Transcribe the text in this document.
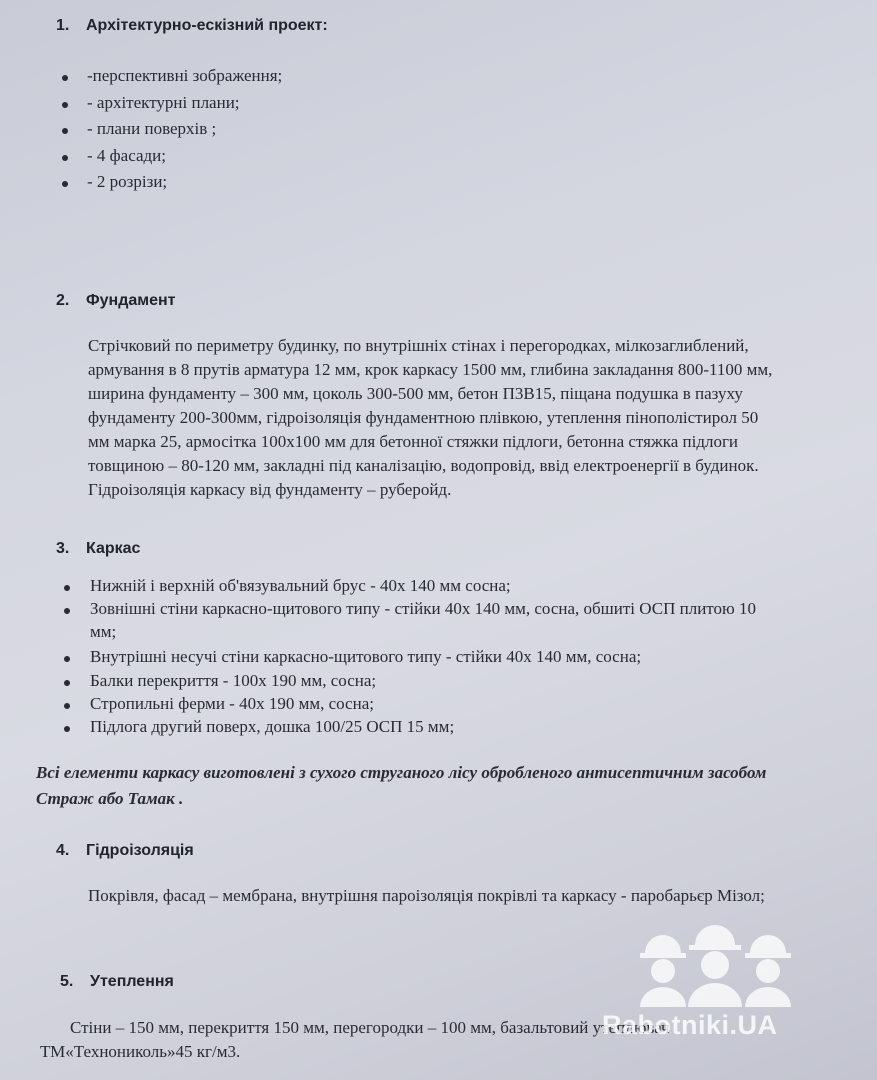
1. Архітектурно-ескізний проект:
-перспективні зображення;
- архітектурні плани;
- плани поверхів ;
- 4 фасади;
- 2 розрізи;
2. Фундамент
Стрічковий по периметру будинку, по внутрішніх стінах і перегородках, мілкозаглиблений,
армування в 8 прутів арматура 12 мм, крок каркасу 1500 мм, глибина закладання 800-1100 мм,
ширина фундаменту – 300 мм, цоколь 300-500 мм, бетон П3В15, піщана подушка в пазуху
фундаменту 200-300мм, гідроізоляція фундаментною плівкою, утеплення пінополістирол 50
мм марка 25, армосітка 100х100 мм для бетонної стяжки підлоги, бетонна стяжка підлоги
товщиною – 80-120 мм, закладні під каналізацію, водопровід, ввід електроенергії в будинок.
Гідроізоляція каркасу від фундаменту – руберойд.
3. Каркас
Нижній і верхній об'вязувальний брус - 40х 140 мм сосна;
Зовнішні стіни каркасно-щитового типу - стійки 40х 140 мм, сосна, обшиті ОСП плитою 10
мм;
Внутрішні несучі стіни каркасно-щитового типу - стійки 40х 140 мм, сосна;
Балки перекриття - 100х 190 мм, сосна;
Стропильні ферми - 40х 190 мм, сосна;
Підлога другий поверх, дошка 100/25 ОСП 15 мм;
Всі елементи каркасу виготовлені з сухого струганого лісу обробленого антисептичним засобом
Страж або Тамак .
4. Гідроізоляція
Покрівля, фасад – мембрана, внутрішня пароізоляція покрівлі та каркасу - паробарьєр Мізол;
5. Утеплення
Стіни – 150 мм, перекриття 150 мм, перегородки – 100 мм, базальтовий утеплювач
ТМ«Технониколь»45 кг/м3.
Rabotniki.UA
